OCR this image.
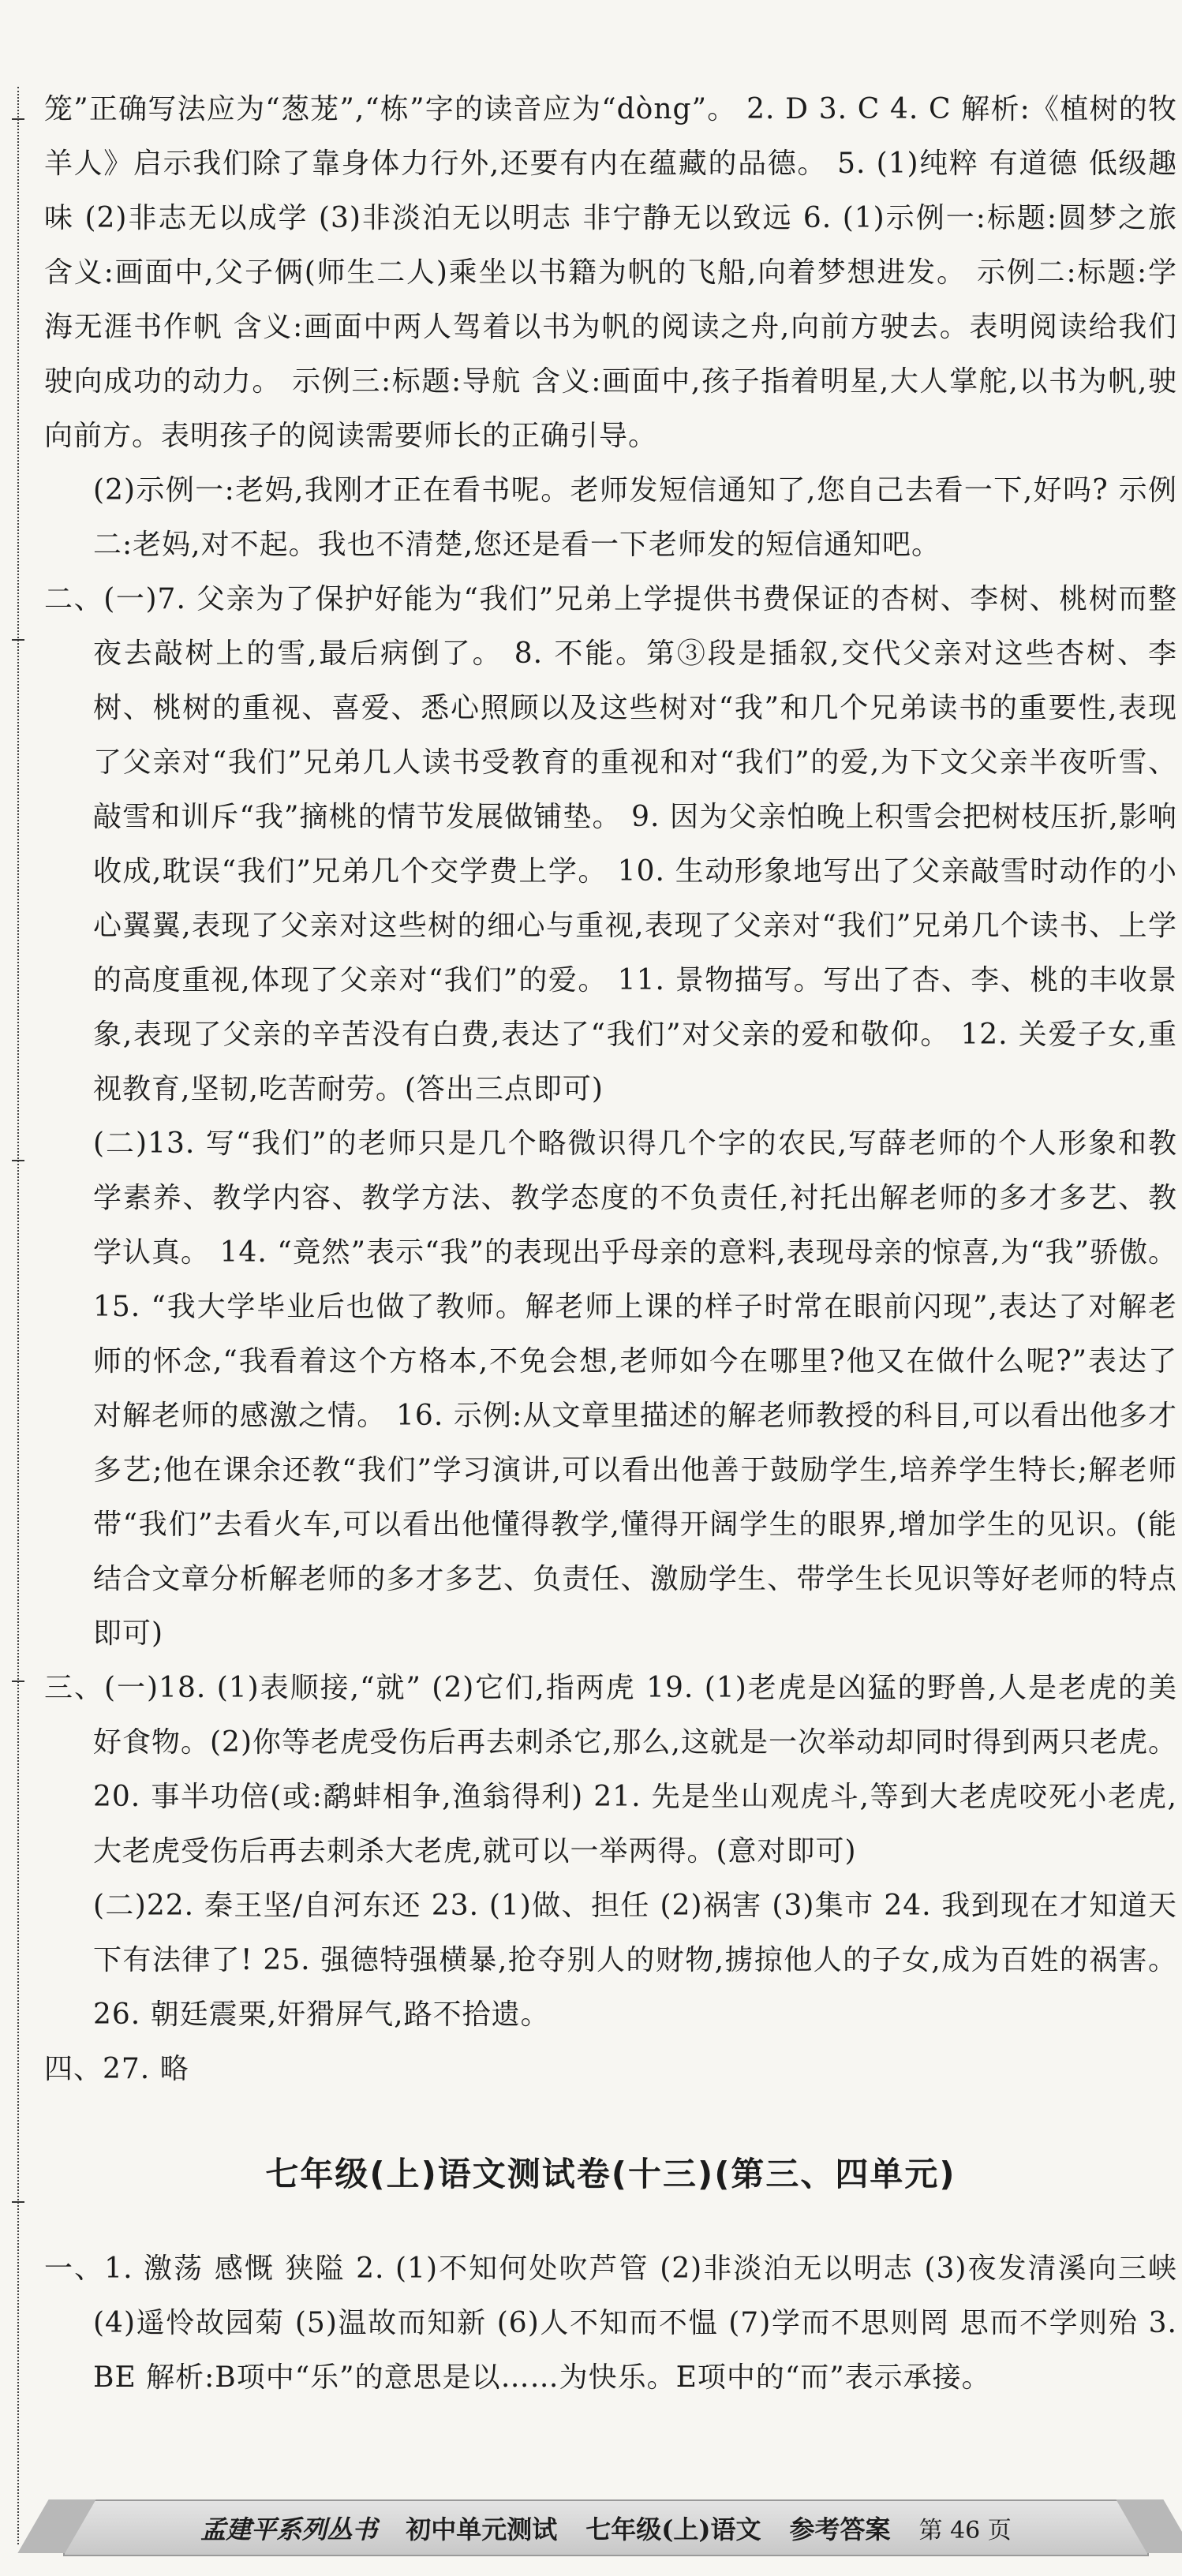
笼”正确写法应为“葱茏”,“栋”字的读音应为“dòng”。 2. D 3. C 4. C 解析:《植树的牧羊人》启示我们除了靠身体力行外,还要有内在蕴藏的品德。 5. (1)纯粹 有道德 低级趣味 (2)非志无以成学 (3)非淡泊无以明志 非宁静无以致远 6. (1)示例一:标题:圆梦之旅 含义:画面中,父子俩(师生二人)乘坐以书籍为帆的飞船,向着梦想进发。 示例二:标题:学海无涯书作帆 含义:画面中两人驾着以书为帆的阅读之舟,向前方驶去。表明阅读给我们驶向成功的动力。 示例三:标题:导航 含义:画面中,孩子指着明星,大人掌舵,以书为帆,驶向前方。表明孩子的阅读需要师长的正确引导。

(2)示例一:老妈,我刚才正在看书呢。老师发短信通知了,您自己去看一下,好吗? 示例二:老妈,对不起。我也不清楚,您还是看一下老师发的短信通知吧。

二、(一)7. 父亲为了保护好能为“我们”兄弟上学提供书费保证的杏树、李树、桃树而整夜去敲树上的雪,最后病倒了。 8. 不能。第③段是插叙,交代父亲对这些杏树、李树、桃树的重视、喜爱、悉心照顾以及这些树对“我”和几个兄弟读书的重要性,表现了父亲对“我们”兄弟几人读书受教育的重视和对“我们”的爱,为下文父亲半夜听雪、敲雪和训斥“我”摘桃的情节发展做铺垫。 9. 因为父亲怕晚上积雪会把树枝压折,影响收成,耽误“我们”兄弟几个交学费上学。 10. 生动形象地写出了父亲敲雪时动作的小心翼翼,表现了父亲对这些树的细心与重视,表现了父亲对“我们”兄弟几个读书、上学的高度重视,体现了父亲对“我们”的爱。 11. 景物描写。写出了杏、李、桃的丰收景象,表现了父亲的辛苦没有白费,表达了“我们”对父亲的爱和敬仰。 12. 关爱子女,重视教育,坚韧,吃苦耐劳。(答出三点即可)

(二)13. 写“我们”的老师只是几个略微识得几个字的农民,写薛老师的个人形象和教学素养、教学内容、教学方法、教学态度的不负责任,衬托出解老师的多才多艺、教学认真。 14. “竟然”表示“我”的表现出乎母亲的意料,表现母亲的惊喜,为“我”骄傲。 15. “我大学毕业后也做了教师。解老师上课的样子时常在眼前闪现”,表达了对解老师的怀念,“我看着这个方格本,不免会想,老师如今在哪里?他又在做什么呢?”表达了对解老师的感激之情。 16. 示例:从文章里描述的解老师教授的科目,可以看出他多才多艺;他在课余还教“我们”学习演讲,可以看出他善于鼓励学生,培养学生特长;解老师带“我们”去看火车,可以看出他懂得教学,懂得开阔学生的眼界,增加学生的见识。(能结合文章分析解老师的多才多艺、负责任、激励学生、带学生长见识等好老师的特点即可)

三、(一)18. (1)表顺接,“就” (2)它们,指两虎 19. (1)老虎是凶猛的野兽,人是老虎的美好食物。(2)你等老虎受伤后再去刺杀它,那么,这就是一次举动却同时得到两只老虎。 20. 事半功倍(或:鹬蚌相争,渔翁得利) 21. 先是坐山观虎斗,等到大老虎咬死小老虎,大老虎受伤后再去刺杀大老虎,就可以一举两得。(意对即可)

(二)22. 秦王坚/自河东还 23. (1)做、担任 (2)祸害 (3)集市 24. 我到现在才知道天下有法律了! 25. 强德特强横暴,抢夺别人的财物,掳掠他人的子女,成为百姓的祸害。 26. 朝廷震栗,奸猾屏气,路不拾遗。

四、27. 略

七年级(上)语文测试卷(十三)(第三、四单元)

一、1. 激荡 感慨 狭隘 2. (1)不知何处吹芦管 (2)非淡泊无以明志 (3)夜发清溪向三峡 (4)遥怜故园菊 (5)温故而知新 (6)人不知而不愠 (7)学而不思则罔 思而不学则殆 3. BE 解析:B项中“乐”的意思是以……为快乐。E项中的“而”表示承接。

孟建平系列丛书 初中单元测试 七年级(上)语文 参考答案 第 46 页
